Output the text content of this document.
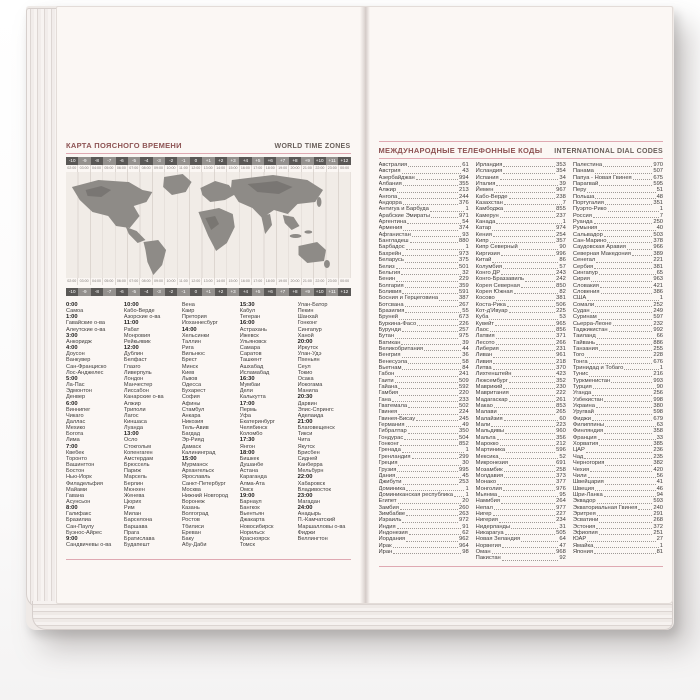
КАРТА ПОЯСНОГО ВРЕМЕНИ	WORLD TIME ZONES
-10	-9	-8	-7	-6	-5	-4	-3	-2	-1	0	+1	+2	+3	+4	+5	+6	+7	+8	+9	+10	+11	+12
02:00 03:00 04:00 05:00 06:00 07:00 08:00 09:00 10:00 11:00 12:00 13:00 14:00 15:00 16:00 17:00 18:00 19:00 20:00 21:00 22:00 23:00 00:00
02:00 03:00 04:00 05:00 06:00 07:00 08:00 09:00 10:00 11:00 12:00 13:00 14:00 15:00 16:00 17:00 18:00 19:00 20:00 21:00 22:00 23:00 00:00
-10	-9	-8	-7	-6	-5	-4	-3	-2	-1	0	+1	+2	+3	+4	+5	+6	+7	+8	+9	+10	+11	+12
0:00
Самоа
1:00
Гавайские о-ва
Алеутские о-ва
3:00
Анкоридж
4:00
Доусон
Ванкувер
Сан-Франциско
Лос-Анджелес
5:00
Ла-Пас
Эдмонтон
Денвер
6:00
Виннипег
Чикаго
Даллас
Мехико
Богота
Лима
7:00
Квебек
Торонто
Вашингтон
Бостон
Нью-Йорк
Филадельфия
Майами
Гавана
Асунсьон
8:00
Галифакс
Бразилиа
Сан-Паулу
Буэнос-Айрес
9:00
Сандвичевы о-ва
10:00
Кабо-Верде
Азорские о-ва
11:00
Рабат
Монровия
Рейкьявик
12:00
Дублин
Белфаст
Глазго
Ливерпуль
Лондон
Манчестер
Лиссабон
Канарские о-ва
Алжир
Триполи
Лагос
Киншаса
Луанда
13:00
Осло
Стокгольм
Копенгаген
Амстердам
Брюссель
Париж
Марсель
Берлин
Мюнхен
Женева
Цюрих
Рим
Милан
Барселона
Варшава
Прага
Братислава
Будапешт
Вена
Каир
Претория
Йоханнесбург
14:00
Хельсинки
Таллин
Рига
Вильнюс
Брест
Минск
Киев
Львов
Одесса
Бухарест
София
Афины
Стамбул
Анкара
Никозия
Тель-Авив
Багдад
Эр-Рияд
Дамаск
Калининград
15:00
Мурманск
Архангельск
Ярославль
Санкт-Петербург
Москва
Нижний Новгород
Воронеж
Казань
Волгоград
Ростов
Тбилиси
Ереван
Баку
Абу-Даби
15:30
Кабул
Тегеран
16:00
Астрахань
Ижевск
Ульяновск
Самара
Саратов
Ташкент
Ашхабад
Исламабад
16:30
Мумбаи
Дели
Калькутта
17:00
Пермь
Уфа
Екатеринбург
Челябинск
Коломбо
17:30
Янгон
18:00
Бишкек
Душанбе
Астана
Караганда
Алма-Ата
Омск
19:00
Барнаул
Бангкок
Вьентьян
Джакарта
Новосибирск
Норильск
Красноярск
Томск
Улан-Батор
Пекин
Шанхай
Гонконг
Сингапур
Ханой
20:00
Иркутск
Улан-Удэ
Пхеньян
Сеул
Токио
Осака
Иокогама
Манила
20:30
Дарвин
Элис-Спрингс
Аделаида
21:00
Благовещенск
Тикси
Чита
Якутск
Брисбен
Сидней
Канберра
Мельбурн
22:00
Хабаровск
Владивосток
23:00
Магадан
24:00
Анадырь
П.-Камчатский
Маршалловы о-ва
Фиджи
Веллингтон
МЕЖДУНАРОДНЫЕ ТЕЛЕФОННЫЕ КОДЫ INTERNATIONAL DIAL CODES
Австралия	61
Австрия	43
Азербайджан	994
Албания	355
Алжир	213
Ангола	244
Андорра	376
Антигуа и Барбуда	1
Арабские Эмираты	971
Аргентина	54
Армения	374
Афганистан	93
Бангладеш	880
Барбадос	1
Бахрейн	973
Беларусь	375
Белиз	501
Бельгия	32
Бенин	229
Болгария	359
Боливия	591
Босния и Герцеговина	387
Ботсвана	267
Бразилия	55
Бруней	673
Буркина-Фасо	226
Бурунди	257
Бутан	975
Ватикан	39
Великобритания	44
Венгрия	36
Венесуэла	58
Вьетнам	84
Габон	241
Гаити	509
Гайана	592
Гамбия	220
Гана	233
Гватемала	502
Гвинея	224
Гвинея-Бисау	245
Германия	49
Гибралтар	350
Гондурас	504
Гонконг	852
Гренада	1
Гренландия	299
Греция	30
Грузия	995
Дания	45
Джибути	253
Доминика	1
Доминиканская республика 1
Египет	20
Замбия	260
Зимбабве	263
Израиль	972
Индия	91
Индонезия	62
Иордания	962
Ирак	964
Иран	98
Ирландия	353
Исландия	354
Испания	34
Италия	39
Йемен	967
Кабо-Верде	238
Казахстан	7
Камбоджа	855
Камерун	237
Канада	1
Катар	974
Кения	254
Кипр	357
Кипр Северный	90
Киргизия	996
Китай	86
Колумбия	57
Конго ДР	243
Конго-Браззавиль	242
Корея Северная	850
Корея Южная	82
Косово	381
Коста-Рика	506
Кот-д'Ивуар	225
Куба	53
Кувейт	965
Лаос	856
Латвия	371
Лесото	266
Либерия	231
Ливан	961
Ливия	218
Литва	370
Лихтенштейн	423
Люксембург	352
Маврикий	230
Мавритания	222
Мадагаскар	261
Макао	853
Малави	265
Малайзия	60
Мали	223
Мальдивы	960
Мальта	356
Марокко	212
Мартиника	596
Мексика	52
Микронезия	691
Мозамбик	258
Молдавия	373
Монако	377
Монголия	976
Мьянма	95
Намибия	264
Непал	977
Нигер	227
Нигерия	234
Нидерланды	31
Никарагуа	505
Новая Зеландия	64
Норвегия	47
Оман	968
Пакистан	92
Палестина	970
Панама	507
Папуа - Новая Гвинея	675
Парагвай	595
Перу	51
Польша	48
Португалия	351
Пуэрто-Рико	1
Россия	7
Руанда	250
Румыния	40
Сальвадор	503
Сан-Марино	378
Саудовская Аравия	966
Северная Македония	389
Сенегал	221
Сербия	381
Сингапур	65
Сирия	963
Словакия	421
Словения	386
США	1
Сомали	252
Судан	249
Суринам	597
Сьерра-Леоне	232
Таджикистан	992
Таиланд	66
Тайвань	886
Танзания	255
Того	228
Тонга	676
Тринидад и Тобаго	1
Тунис	216
Туркменистан	993
Турция	90
Уганда	256
Узбекистан	998
Украина	380
Уругвай	598
Фиджи	679
Филиппины	63
Финляндия	358
Франция	33
Хорватия	385
ЦАР	236
Чад	235
Черногория	382
Чехия	420
Чили	56
Швейцария	41
Швеция	46
Шри-Ланка	94
Эквадор	593
Экваториальная Гвинея	240
Эритрея	291
Эсватини	268
Эстония	372
Эфиопия	251
ЮАР	27
Ямайка	1
Япония	81
